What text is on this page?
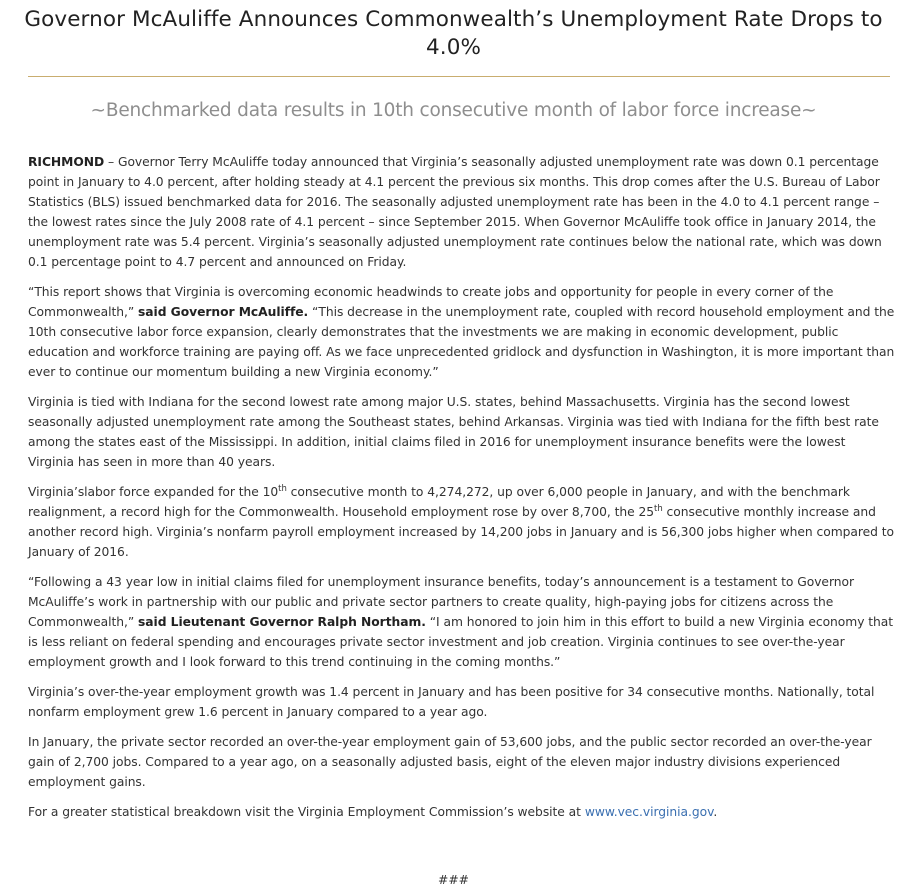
Governor McAuliffe Announces Commonwealth’s Unemployment Rate Drops to 4.0%
~Benchmarked data results in 10th consecutive month of labor force increase~

RICHMOND – Governor Terry McAuliffe today announced that Virginia’s seasonally adjusted unemployment rate was down 0.1 percentage point in January to 4.0 percent, after holding steady at 4.1 percent the previous six months. This drop comes after the U.S. Bureau of Labor Statistics (BLS) issued benchmarked data for 2016. The seasonally adjusted unemployment rate has been in the 4.0 to 4.1 percent range – the lowest rates since the July 2008 rate of 4.1 percent – since September 2015. When Governor McAuliffe took office in January 2014, the unemployment rate was 5.4 percent. Virginia’s seasonally adjusted unemployment rate continues below the national rate, which was down 0.1 percentage point to 4.7 percent and announced on Friday.

“This report shows that Virginia is overcoming economic headwinds to create jobs and opportunity for people in every corner of the Commonwealth,” said Governor McAuliffe. “This decrease in the unemployment rate, coupled with record household employment and the 10th consecutive labor force expansion, clearly demonstrates that the investments we are making in economic development, public education and workforce training are paying off. As we face unprecedented gridlock and dysfunction in Washington, it is more important than ever to continue our momentum building a new Virginia economy.”

Virginia is tied with Indiana for the second lowest rate among major U.S. states, behind Massachusetts. Virginia has the second lowest seasonally adjusted unemployment rate among the Southeast states, behind Arkansas. Virginia was tied with Indiana for the fifth best rate among the states east of the Mississippi. In addition, initial claims filed in 2016 for unemployment insurance benefits were the lowest Virginia has seen in more than 40 years.

Virginia’slabor force expanded for the 10th consecutive month to 4,274,272, up over 6,000 people in January, and with the benchmark realignment, a record high for the Commonwealth. Household employment rose by over 8,700, the 25th consecutive monthly increase and another record high. Virginia’s nonfarm payroll employment increased by 14,200 jobs in January and is 56,300 jobs higher when compared to January of 2016.

“Following a 43 year low in initial claims filed for unemployment insurance benefits, today’s announcement is a testament to Governor McAuliffe’s work in partnership with our public and private sector partners to create quality, high-paying jobs for citizens across the Commonwealth,” said Lieutenant Governor Ralph Northam. “I am honored to join him in this effort to build a new Virginia economy that is less reliant on federal spending and encourages private sector investment and job creation. Virginia continues to see over-the-year employment growth and I look forward to this trend continuing in the coming months.”

Virginia’s over-the-year employment growth was 1.4 percent in January and has been positive for 34 consecutive months. Nationally, total nonfarm employment grew 1.6 percent in January compared to a year ago.

In January, the private sector recorded an over-the-year employment gain of 53,600 jobs, and the public sector recorded an over-the-year gain of 2,700 jobs. Compared to a year ago, on a seasonally adjusted basis, eight of the eleven major industry divisions experienced employment gains.

For a greater statistical breakdown visit the Virginia Employment Commission’s website at www.vec.virginia.gov.

###
